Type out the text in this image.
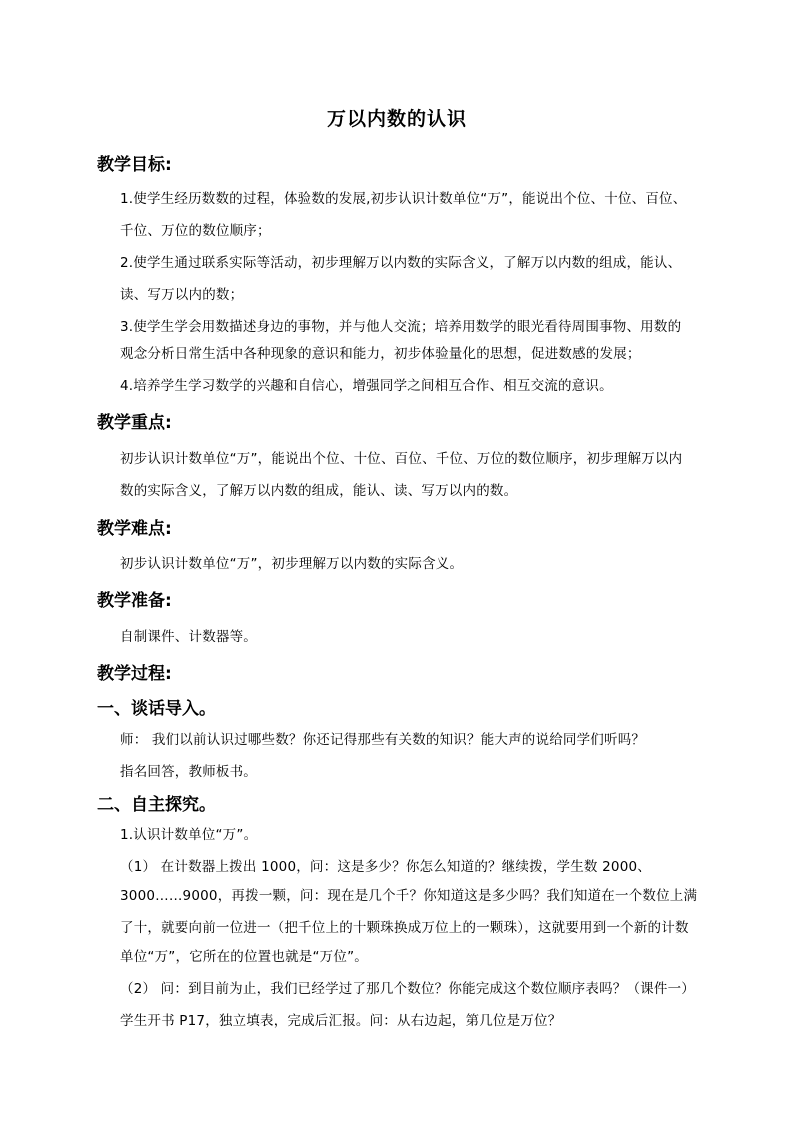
万以内数的认识
教学目标:
1.使学生经历数数的过程，体验数的发展,初步认识计数单位“万”，能说出个位、十位、百位、
千位、万位的数位顺序；
2.使学生通过联系实际等活动，初步理解万以内数的实际含义，了解万以内数的组成，能认、
读、写万以内的数；
3.使学生学会用数描述身边的事物，并与他人交流；培养用数学的眼光看待周围事物、用数的
观念分析日常生活中各种现象的意识和能力，初步体验量化的思想，促进数感的发展；
4.培养学生学习数学的兴趣和自信心，增强同学之间相互合作、相互交流的意识。
教学重点:
初步认识计数单位“万”，能说出个位、十位、百位、千位、万位的数位顺序，初步理解万以内
数的实际含义，了解万以内数的组成，能认、读、写万以内的数。
教学难点:
初步认识计数单位“万”，初步理解万以内数的实际含义。
教学准备:
自制课件、计数器等。
教学过程:
一、谈话导入。
师： 我们以前认识过哪些数？你还记得那些有关数的知识？能大声的说给同学们听吗？
指名回答，教师板书。
二、自主探究。
1.认识计数单位“万”。
（1） 在计数器上拨出 1000，问：这是多少？你怎么知道的？继续拨，学生数 2000、
3000……9000，再拨一颗，问：现在是几个千？你知道这是多少吗？我们知道在一个数位上满
了十，就要向前一位进一（把千位上的十颗珠换成万位上的一颗珠），这就要用到一个新的计数
单位“万”，它所在的位置也就是“万位”。
（2） 问：到目前为止，我们已经学过了那几个数位？你能完成这个数位顺序表吗？（课件一）
学生开书 P17，独立填表，完成后汇报。问：从右边起，第几位是万位？
